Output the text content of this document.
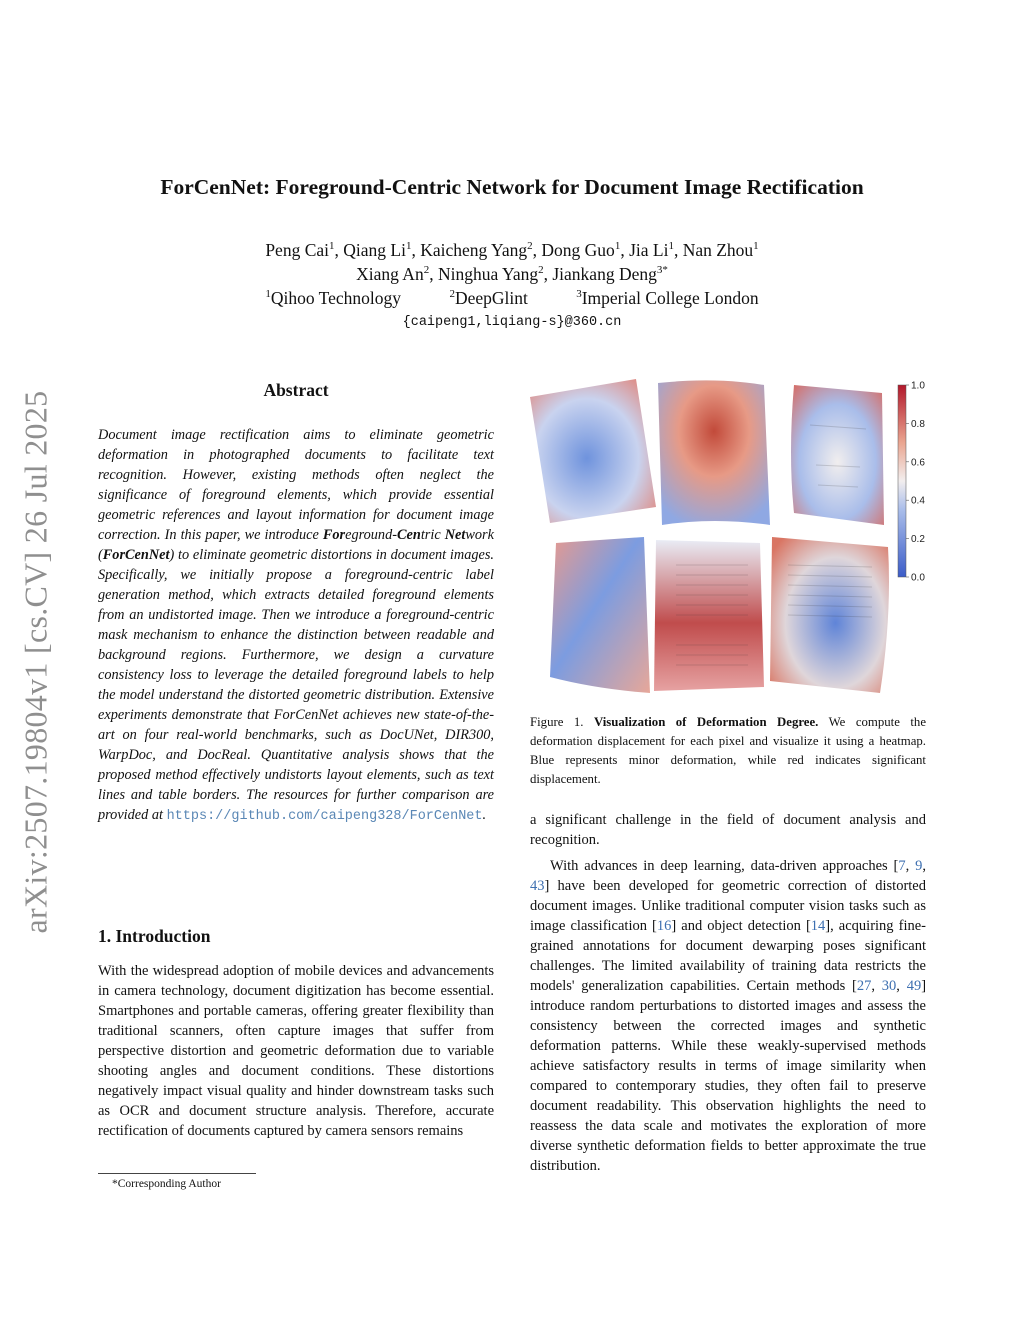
arXiv:2507.19804v1 [cs.CV] 26 Jul 2025
ForCenNet: Foreground-Centric Network for Document Image Rectification
Peng Cai$^1$, Qiang Li$^1$, Kaicheng Yang$^2$, Dong Guo$^1$, Jia Li$^1$, Nan Zhou$^1$
Xiang An$^2$, Ninghua Yang$^2$, Jiankang Deng$^{3*}$
$^1$Qihoo Technology	$^2$DeepGlint	$^3$Imperial College London
{caipeng1,liqiang-s}@360.cn
Abstract
Document image rectification aims to eliminate geometric deformation in photographed documents to facilitate text recognition. However, existing methods often neglect the significance of foreground elements, which provide essential geometric references and layout information for document image correction. In this paper, we introduce Foreground-Centric Network (ForCenNet) to eliminate geometric distortions in document images. Specifically, we initially propose a foreground-centric label generation method, which extracts detailed foreground elements from an undistorted image. Then we introduce a foreground-centric mask mechanism to enhance the distinction between readable and background regions. Furthermore, we design a curvature consistency loss to leverage the detailed foreground labels to help the model understand the distorted geometric distribution. Extensive experiments demonstrate that ForCenNet achieves new state-of-the-art on four real-world benchmarks, such as DocUNet, DIR300, WarpDoc, and DocReal. Quantitative analysis shows that the proposed method effectively undistorts layout elements, such as text lines and table borders. The resources for further comparison are provided at https://github.com/caipeng328/ForCenNet.
1. Introduction
With the widespread adoption of mobile devices and advancements in camera technology, document digitization has become essential. Smartphones and portable cameras, offering greater flexibility than traditional scanners, often capture images that suffer from perspective distortion and geometric deformation due to variable shooting angles and document conditions. These distortions negatively impact visual quality and hinder downstream tasks such as OCR and document structure analysis. Therefore, accurate rectification of documents captured by camera sensors remains
*Corresponding Author
1.0
0.8
0.6
0.4
0.2
0.0
Figure 1. Visualization of Deformation Degree. We compute the deformation displacement for each pixel and visualize it using a heatmap. Blue represents minor deformation, while red indicates significant displacement.
a significant challenge in the field of document analysis and recognition.
With advances in deep learning, data-driven approaches [7, 9, 43] have been developed for geometric correction of distorted document images. Unlike traditional computer vision tasks such as image classification [16] and object detection [14], acquiring fine-grained annotations for document dewarping poses significant challenges. The limited availability of training data restricts the models' generalization capabilities. Certain methods [27, 30, 49] introduce random perturbations to distorted images and assess the consistency between the corrected images and synthetic deformation patterns. While these weakly-supervised methods achieve satisfactory results in terms of image similarity when compared to contemporary studies, they often fail to preserve document readability. This observation highlights the need to reassess the data scale and motivates the exploration of more diverse synthetic deformation fields to better approximate the true distribution.
